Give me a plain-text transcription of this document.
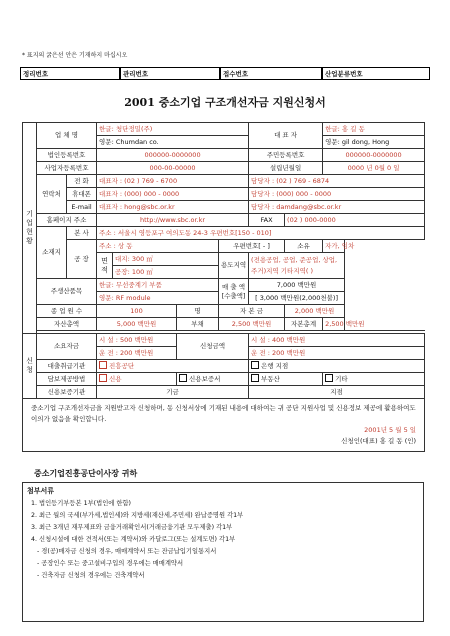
* 표지의 굵은선 안은 기재하지 마십시오
정리번호	관리번호	접수번호	산업분류번호
2001 중소기업 구조개선자금 지원신청서
기업현황	업 체 명		한글: 청단정밀(주)				대 표 자		한글: 홍 길 동
			영문: Chumdan co.						영문: gil dong, Hong
	법인등록번호		000000-0000000				주민등록번호		000000-0000000
	사업자등록번호		000-00-00000				설립년월일		0000 년 0월 0 일
	연락처	전 화	대표자 : (02 ) 769 - 6700				담당자 : (02 ) 769 - 6874		
		휴대폰	대표자 : (000) 000 - 0000				담당자 : (000) 000 - 0000		
		E-mail	대표자 : hong@sbc.or.kr				담당자 : damdang@sbc.or.kr		
	홈페이지 주소		http://www.sbc.or.kr				FAX	(02 ) 000-0000	
	소재지	본 사	주소 : 서울시 영등포구 여의도동 24-3 우편번호[150 - 010]						
		공 장	주소 : 상 동			우편번호[ - ]		소유	자가, 임차
			면적	대지: 300 ㎡		용도지역	(전용공업, 공업, 준공업, 상업,주거)지역 기타지역( )		
				공장: 100 ㎡					
	주생산품목		한글: 무선중계기 부품			매 출 액 [수출액]	7,000 백만원		
			영문: RF module				[ 3,000 백만원(2,000천불)]		
	종 업 원 수		100		명	자 본 금		2,000 백만원	
	자산총액		5,000 백만원		부채	2,500 백만원		자본총계	2,500 백만원

신청	소요자금		시 설 : 500 백만원		신청금액		시 설 : 400 백만원		
			운 전 : 200 백만원				운 전 : 200 백만원		
	대출취급기관		진흥공단				은행 지점		
	담보제공방법		신용		신용보증서		부동산		기타
	신용보증기관		기금				지점		

중소기업 구조개선자금을 지원받고자 신청하며, 동 신청서상에 기재된 내용에 대하여는 귀 공단 지원사업 및 신용정보 제공에 활용하여도 이의가 없음을 확인합니다.
2001년 5 월 5 일
신청인(대표) 홍 길 동 (인)									
중소기업진흥공단이사장 귀하
첨부서류
1. 법인등기부등본 1부(법인에 한함)
2. 최근 월의 국세(부가세,법인세)와 지방세(재산세,주민세) 완납증명원 각1부
3. 최근 3개년 재무제표와 금융거래확인서(거래금융기관 모두제출) 각1부
4. 신청시설에 대한 견적서(또는 계약서)와 카달로그(또는 설계도면) 각1부
- 경(공)매자금 신청의 경우, 매매계약서 또는 잔금납입기일통지서
- 공장인수 또는 중고설비구입의 경우에는 매매계약서
- 건축자금 신청의 경우에는 건축계약서
